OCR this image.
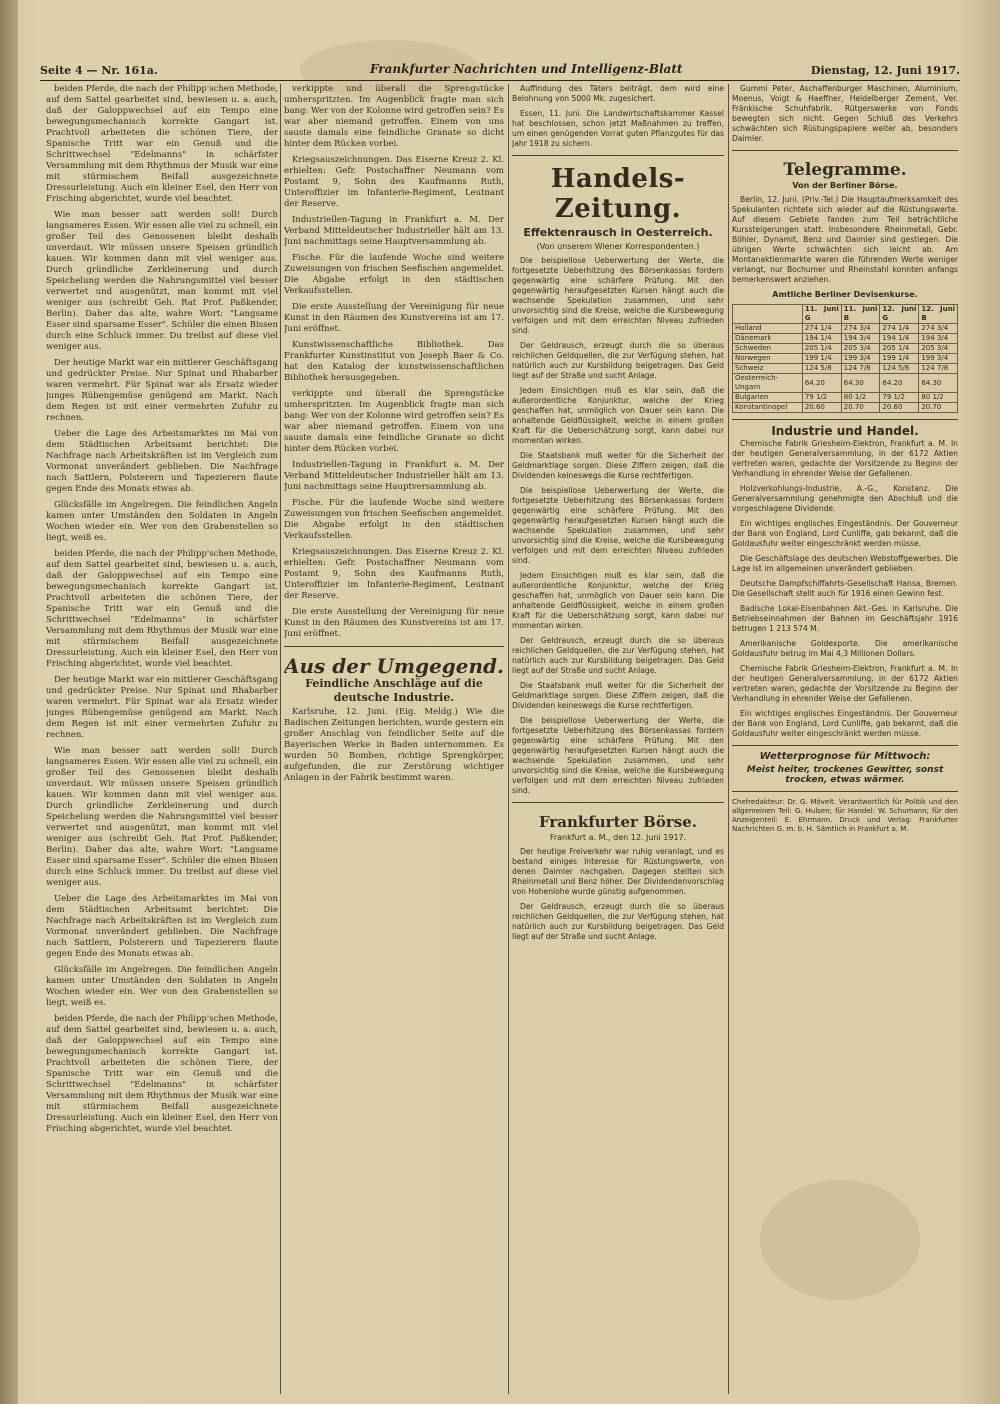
Seite 4 — Nr. 161a.	Frankfurter Nachrichten und Intelligenz-Blatt	Dienstag, 12. Juni 1917.

beiden Pferde, die nach der Philipp'schen Methode, auf dem Sattel gearbeitet sind, bewiesen u. a. auch, daß der Galoppwechsel auf ein Tempo eine bewegungsmechanisch korrekte Gangart ist. Prachtvoll arbeiteten die schönen Tiere, der Spanische Tritt war ein Genuß und die Schrittwechsel "Edelmanns" in schärfster Versammlung mit dem Rhythmus der Musik war eine mit stürmischem Beifall ausgezeichnete Dressurleistung. Auch ein kleiner Esel, den Herr von Frisching abgerichtet, wurde viel beachtet.

Wie man besser satt werden soll! Durch langsameres Essen. Wir essen alle viel zu schnell, ein großer Teil des Genossenen bleibt deshalb unverdaut. Wir müssen unsere Speisen gründlich kauen. Wir kommen dann mit viel weniger aus. Durch gründliche Zerkleinerung und durch Speichelung werden die Nahrungsmittel viel besser verwertet und ausgenützt, man kommt mit viel weniger aus (schreibt Geh. Rat Prof. Paßkender, Berlin). Daher das alte, wahre Wort: "Langsame Esser sind sparsame Esser". Schüler die einen Bissen durch eine Schluck immer. Du treibst auf diese viel weniger aus.

Der heutige Markt war ein mittlerer Geschäftsgang und gedrückter Preise. Nur Spinat und Rhabarber waren vermehrt. Für Spinat war als Ersatz wieder junges Rübengemüse genügend am Markt. Nach dem Regen ist mit einer vermehrten Zufuhr zu rechnen.

Ueber die Lage des Arbeitsmarktes im Mai von dem Städtischen Arbeitsamt berichtet: Die Nachfrage nach Arbeitskräften ist im Vergleich zum Vormonat unverändert geblieben. Die Nachfrage nach Sattlern, Polsterern und Tapezierern flaute gegen Ende des Monats etwas ab.

Glücksfälle im Angelregen. Die feindlichen Angeln kamen unter Umständen den Soldaten in Angeln Wochen wieder ein. Wer von den Grabenstellen so liegt, weiß es.

beiden Pferde, die nach der Philipp'schen Methode, auf dem Sattel gearbeitet sind, bewiesen u. a. auch, daß der Galoppwechsel auf ein Tempo eine bewegungsmechanisch korrekte Gangart ist. Prachtvoll arbeiteten die schönen Tiere, der Spanische Tritt war ein Genuß und die Schrittwechsel "Edelmanns" in schärfster Versammlung mit dem Rhythmus der Musik war eine mit stürmischem Beifall ausgezeichnete Dressurleistung. Auch ein kleiner Esel, den Herr von Frisching abgerichtet, wurde viel beachtet.

Der heutige Markt war ein mittlerer Geschäftsgang und gedrückter Preise. Nur Spinat und Rhabarber waren vermehrt. Für Spinat war als Ersatz wieder junges Rübengemüse genügend am Markt. Nach dem Regen ist mit einer vermehrten Zufuhr zu rechnen.

Wie man besser satt werden soll! Durch langsameres Essen. Wir essen alle viel zu schnell, ein großer Teil des Genossenen bleibt deshalb unverdaut. Wir müssen unsere Speisen gründlich kauen. Wir kommen dann mit viel weniger aus. Durch gründliche Zerkleinerung und durch Speichelung werden die Nahrungsmittel viel besser verwertet und ausgenützt, man kommt mit viel weniger aus (schreibt Geh. Rat Prof. Paßkender, Berlin). Daher das alte, wahre Wort: "Langsame Esser sind sparsame Esser". Schüler die einen Bissen durch eine Schluck immer. Du treibst auf diese viel weniger aus.

Ueber die Lage des Arbeitsmarktes im Mai von dem Städtischen Arbeitsamt berichtet: Die Nachfrage nach Arbeitskräften ist im Vergleich zum Vormonat unverändert geblieben. Die Nachfrage nach Sattlern, Polsterern und Tapezierern flaute gegen Ende des Monats etwas ab.

Glücksfälle im Angelregen. Die feindlichen Angeln kamen unter Umständen den Soldaten in Angeln Wochen wieder ein. Wer von den Grabenstellen so liegt, weiß es.

beiden Pferde, die nach der Philipp'schen Methode, auf dem Sattel gearbeitet sind, bewiesen u. a. auch, daß der Galoppwechsel auf ein Tempo eine bewegungsmechanisch korrekte Gangart ist. Prachtvoll arbeiteten die schönen Tiere, der Spanische Tritt war ein Genuß und die Schrittwechsel "Edelmanns" in schärfster Versammlung mit dem Rhythmus der Musik war eine mit stürmischem Beifall ausgezeichnete Dressurleistung. Auch ein kleiner Esel, den Herr von Frisching abgerichtet, wurde viel beachtet.

verkippte und überall die Sprengstücke umherspritzten. Im Augenblick fragte man sich bang: Wer von der Kolonne wird getroffen sein? Es war aber niemand getroffen. Einem von uns sauste damals eine feindliche Granate so dicht hinter dem Rücken vorbei.

Kriegsauszeichnungen. Das Eiserne Kreuz 2. Kl. erhielten: Gefr. Postschaffner Neumann vom Postamt 9, Sohn des Kaufmanns Ruth, Unteroffizier im Infanterie-Regiment, Leutnant der Reserve.

Industriellen-Tagung in Frankfurt a. M. Der Verband Mitteldeutscher Industrieller hält am 13. Juni nachmittags seine Hauptversammlung ab.

Fische. Für die laufende Woche sind weitere Zuweisungen von frischen Seefischen angemeldet. Die Abgabe erfolgt in den städtischen Verkaufsstellen.

Die erste Ausstellung der Vereinigung für neue Kunst in den Räumen des Kunstvereins ist am 17. Juni eröffnet.

Kunstwissenschaftliche Bibliothek. Das Frankfurter Kunstinstitut von Joseph Baer & Co. hat den Katalog der kunstwissenschaftlichen Bibliothek herausgegeben.

verkippte und überall die Sprengstücke umherspritzten. Im Augenblick fragte man sich bang: Wer von der Kolonne wird getroffen sein? Es war aber niemand getroffen. Einem von uns sauste damals eine feindliche Granate so dicht hinter dem Rücken vorbei.

Industriellen-Tagung in Frankfurt a. M. Der Verband Mitteldeutscher Industrieller hält am 13. Juni nachmittags seine Hauptversammlung ab.

Fische. Für die laufende Woche sind weitere Zuweisungen von frischen Seefischen angemeldet. Die Abgabe erfolgt in den städtischen Verkaufsstellen.

Kriegsauszeichnungen. Das Eiserne Kreuz 2. Kl. erhielten: Gefr. Postschaffner Neumann vom Postamt 9, Sohn des Kaufmanns Ruth, Unteroffizier im Infanterie-Regiment, Leutnant der Reserve.

Die erste Ausstellung der Vereinigung für neue Kunst in den Räumen des Kunstvereins ist am 17. Juni eröffnet.

Aus der Umgegend.
Feindliche Anschläge auf die deutsche Industrie.

Karlsruhe, 12. Juni. (Eig. Meldg.) Wie die Badischen Zeitungen berichten, wurde gestern ein großer Anschlag von feindlicher Seite auf die Bayerischen Werke in Baden unternommen. Es wurden 50 Bomben, richtige Sprengkörper, aufgefunden, die zur Zerstörung wichtiger Anlagen in der Fabrik bestimmt waren.

Auffindung des Täters beiträgt, dem wird eine Belohnung von 5000 Mk. zugesichert.

Essen, 11. Juni. Die Landwirtschaftskammer Kassel hat beschlossen, schon jetzt Maßnahmen zu treffen, um einen genügenden Vorrat guten Pflanzgutes für das Jahr 1918 zu sichern.

Handels-Zeitung.
Effektenrausch in Oesterreich.
(Von unserem Wiener Korrespondenten.)

Die beispiellose Ueberwertung der Werte, die fortgesetzte Ueberhitzung des Börsenkassas fordern gegenwärtig eine schärfere Prüfung. Mit den gegenwärtig heraufgesetzten Kursen hängt auch die wachsende Spekulation zusammen, und sehr unvorsichtig sind die Kreise, welche die Kursbewegung verfolgen und mit dem erreichten Niveau zufrieden sind.

Der Geldrausch, erzeugt durch die so überaus reichlichen Geldquellen, die zur Verfügung stehen, hat natürlich auch zur Kursbildung beigetragen. Das Geld liegt auf der Straße und sucht Anlage.

Jedem Einsichtigen muß es klar sein, daß die außerordentliche Konjunktur, welche der Krieg geschaffen hat, unmöglich von Dauer sein kann. Die anhaltende Geldflüssigkeit, welche in einem großen Kraft für die Ueberschätzung sorgt, kann dabei nur momentan wirken.

Die Staatsbank muß weiter für die Sicherheit der Geldmarktlage sorgen. Diese Ziffern zeigen, daß die Dividenden keineswegs die Kurse rechtfertigen.

Die beispiellose Ueberwertung der Werte, die fortgesetzte Ueberhitzung des Börsenkassas fordern gegenwärtig eine schärfere Prüfung. Mit den gegenwärtig heraufgesetzten Kursen hängt auch die wachsende Spekulation zusammen, und sehr unvorsichtig sind die Kreise, welche die Kursbewegung verfolgen und mit dem erreichten Niveau zufrieden sind.

Jedem Einsichtigen muß es klar sein, daß die außerordentliche Konjunktur, welche der Krieg geschaffen hat, unmöglich von Dauer sein kann. Die anhaltende Geldflüssigkeit, welche in einem großen Kraft für die Ueberschätzung sorgt, kann dabei nur momentan wirken.

Der Geldrausch, erzeugt durch die so überaus reichlichen Geldquellen, die zur Verfügung stehen, hat natürlich auch zur Kursbildung beigetragen. Das Geld liegt auf der Straße und sucht Anlage.

Die Staatsbank muß weiter für die Sicherheit der Geldmarktlage sorgen. Diese Ziffern zeigen, daß die Dividenden keineswegs die Kurse rechtfertigen.

Die beispiellose Ueberwertung der Werte, die fortgesetzte Ueberhitzung des Börsenkassas fordern gegenwärtig eine schärfere Prüfung. Mit den gegenwärtig heraufgesetzten Kursen hängt auch die wachsende Spekulation zusammen, und sehr unvorsichtig sind die Kreise, welche die Kursbewegung verfolgen und mit dem erreichten Niveau zufrieden sind.

Frankfurter Börse.
Frankfurt a. M., den 12. Juni 1917.

Der heutige Freiverkehr war ruhig veranlagt, und es bestand einiges Interesse für Rüstungswerte, von denen Daimler nachgaben. Dagegen stellten sich Rheinmetall und Benz höher. Der Dividendenvorschlag von Hohenlohe wurde günstig aufgenommen.

Der Geldrausch, erzeugt durch die so überaus reichlichen Geldquellen, die zur Verfügung stehen, hat natürlich auch zur Kursbildung beigetragen. Das Geld liegt auf der Straße und sucht Anlage.

Gummi Peter, Aschaffenburger Maschinen, Aluminium, Moenus, Voigt & Haeffner, Heidelberger Zement, Ver. Fränkische Schuhfabrik. Rütgerswerke von Fonds bewegten sich nicht. Gegen Schluß des Verkehrs schwächten sich Rüstungspapiere weiter ab, besonders Daimler.

Telegramme.
Von der Berliner Börse.

Berlin, 12. Juni. (Priv.-Tel.) Die Hauptaufmerksamkeit des Spekulanten richtete sich wieder auf die Rüstungswerte. Auf diesem Gebiete fanden zum Teil beträchtliche Kurssteigerungen statt. Insbesondere Rheinmetall, Gebr. Böhler, Dynamit, Benz und Daimler sind gestiegen. Die übrigen Werte schwächten sich leicht ab. Am Montanaktienmarkte waren die führenden Werte weniger verlangt, nur Bochumer und Rheinstahl konnten anfangs bemerkenswert anziehen.

Amtliche Berliner Devisenkurse.
	11. Juni G	11. Juni B	12. Juni G	12. Juni B
Holland	274 1/4	274 3/4	274 1/4	274 3/4
Dänemark	194 1/4	194 3/4	194 1/4	194 3/4
Schweden	205 1/4	205 3/4	205 1/4	205 3/4
Norwegen	199 1/4	199 3/4	199 1/4	199 3/4
Schweiz	124 5/8	124 7/8	124 5/8	124 7/8
Oesterreich-Ungarn	64.20	64.30	64.20	64.30
Bulgarien	79 1/2	80 1/2	79 1/2	80 1/2
Konstantinopel	20.60	20.70	20.60	20.70
Industrie und Handel.

Chemische Fabrik Griesheim-Elektron, Frankfurt a. M. In der heutigen Generalversammlung, in der 6172 Aktien vertreten waren, gedachte der Vorsitzende zu Beginn der Verhandlung in ehrender Weise der Gefallenen.

Holzverkohlungs-Industrie, A.-G., Konstanz. Die Generalversammlung genehmigte den Abschluß und die vorgeschlagene Dividende.

Ein wichtiges englisches Eingeständnis. Der Gouverneur der Bank von England, Lord Cunliffe, gab bekannt, daß die Goldausfuhr weiter eingeschränkt werden müsse.

Die Geschäftslage des deutschen Webstoffgewerbes. Die Lage ist im allgemeinen unverändert geblieben.

Deutsche Dampfschiffahrts-Gesellschaft Hansa, Bremen. Die Gesellschaft stellt auch für 1916 einen Gewinn fest.

Badische Lokal-Eisenbahnen Akt.-Ges. in Karlsruhe. Die Betriebseinnahmen der Bahnen im Geschäftsjahr 1916 betrugen 1 213 574 M.

Amerikanische Goldexporte. Die amerikanische Goldausfuhr betrug im Mai 4,3 Millionen Dollars.

Chemische Fabrik Griesheim-Elektron, Frankfurt a. M. In der heutigen Generalversammlung, in der 6172 Aktien vertreten waren, gedachte der Vorsitzende zu Beginn der Verhandlung in ehrender Weise der Gefallenen.

Ein wichtiges englisches Eingeständnis. Der Gouverneur der Bank von England, Lord Cunliffe, gab bekannt, daß die Goldausfuhr weiter eingeschränkt werden müsse.

Wetterprognose für Mittwoch:
Meist heiter, trockenes Gewitter, sonst trocken, etwas wärmer.

Chefredakteur: Dr. G. Mövelt. Verantwortlich für Politik und den allgemeinen Teil: G. Hulsen; für Handel: W. Schumann; für den Anzeigenteil: E. Ehrmann. Druck und Verlag: Frankfurter Nachrichten G. m. b. H. Sämtlich in Frankfurt a. M.
